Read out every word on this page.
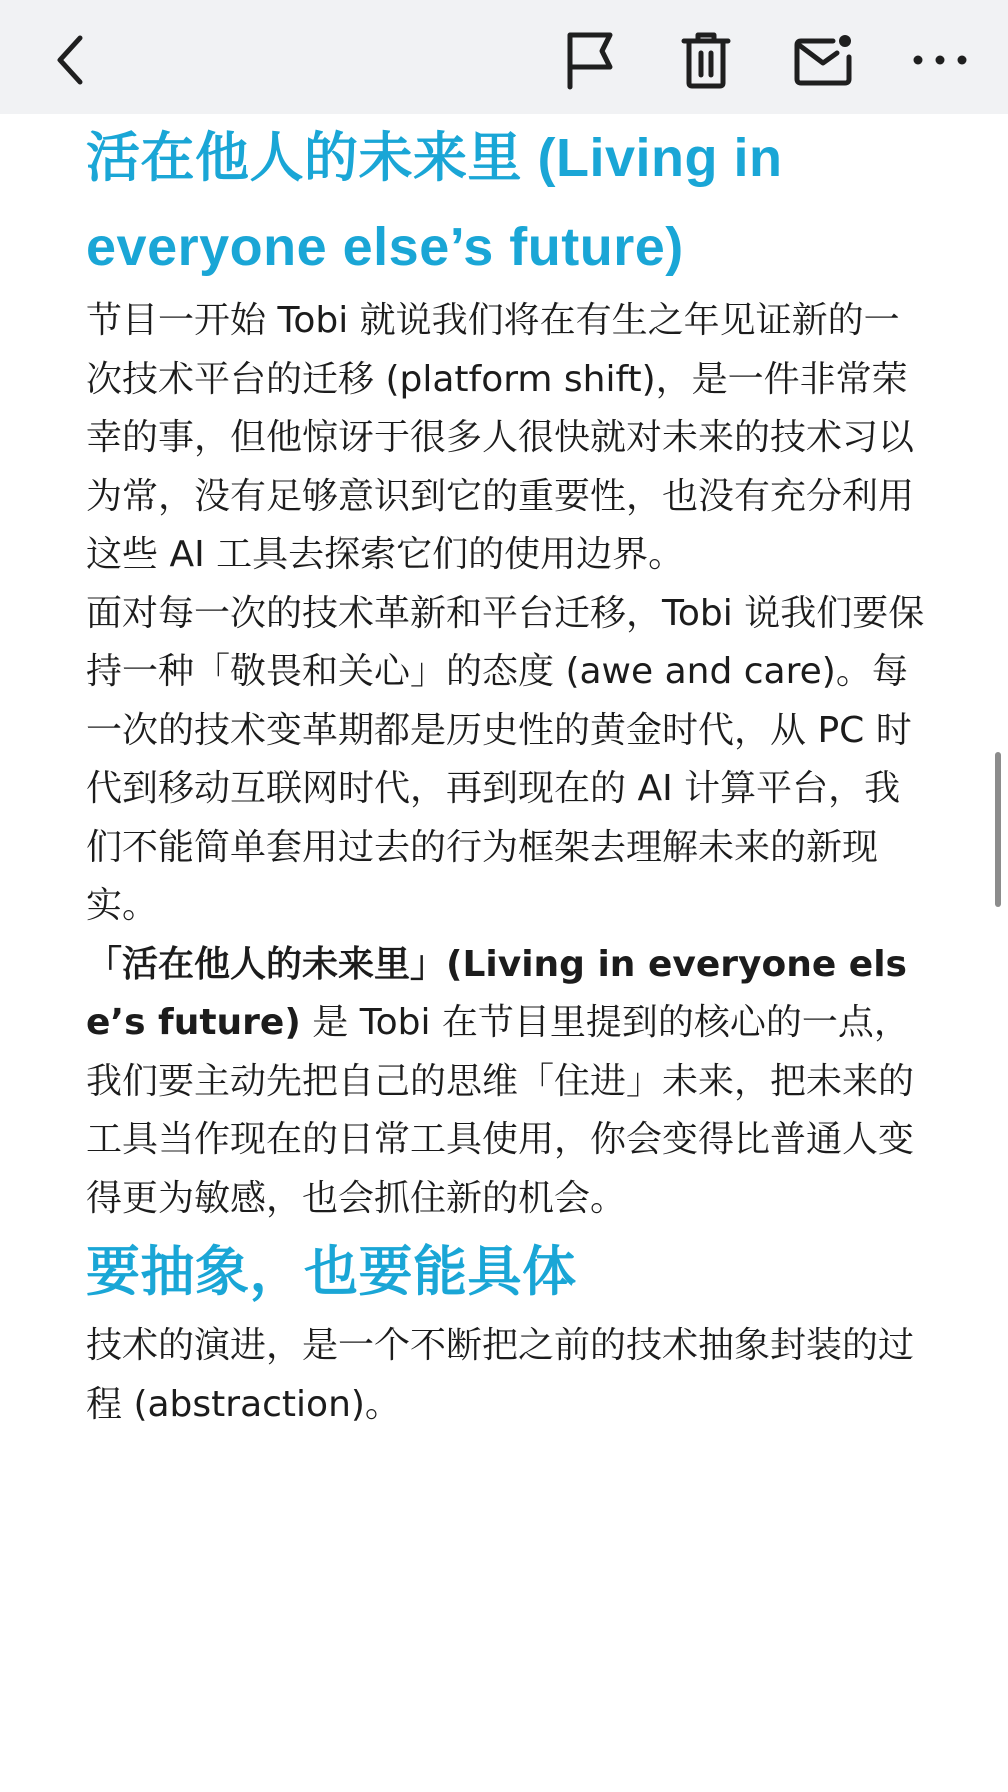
活在他人的未来里 (Living in everyone else’s future)

节目一开始 Tobi 就说我们将在有生之年见证新的一次技术平台的迁移 (platform shift)，是一件非常荣幸的事，但他惊讶于很多人很快就对未来的技术习以为常，没有足够意识到它的重要性，也没有充分利用这些 AI 工具去探索它们的使用边界。

面对每一次的技术革新和平台迁移，Tobi 说我们要保持一种「敬畏和关心」的态度 (awe and care)。每一次的技术变革期都是历史性的黄金时代，从 PC 时代到移动互联网时代，再到现在的 AI 计算平台，我们不能简单套用过去的行为框架去理解未来的新现实。

「活在他人的未来里」(Living in everyone else’s future) 是 Tobi 在节目里提到的核心的一点，我们要主动先把自己的思维「住进」未来，把未来的工具当作现在的日常工具使用，你会变得比普通人变得更为敏感，也会抓住新的机会。

要抽象，也要能具体

技术的演进，是一个不断把之前的技术抽象封装的过程 (abstraction)。
